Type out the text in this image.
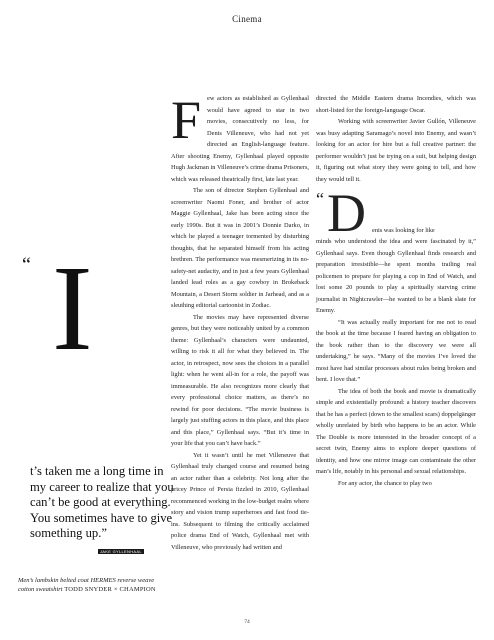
Cinema
“ I
t’s taken me a long time in my career to realize that you can’t be good at everything. You sometimes have to give something up.”
JAKE GYLLENHAAL
Men’s lambskin belted coat HERMES reverse weave cotton sweatshirt TODD SNYDER × CHAMPION

F ew actors as established as Gyllenhaal would have agreed to star in two movies, consecutively no less, for Denis Villeneuve, who had not yet directed an English-language feature. After shooting Enemy, Gyllenhaal played opposite Hugh Jackman in Villeneuve’s crime drama Prisoners, which was released theatrically first, late last year.

The son of director Stephen Gyllenhaal and screenwriter Naomi Foner, and brother of actor Maggie Gyllenhaal, Jake has been acting since the early 1990s. But it was in 2001’s Donnie Darko, in which he played a teenager tormented by disturbing thoughts, that he separated himself from his acting brethren. The performance was mesmerizing in its no-safety-net audacity, and in just a few years Gyllenhaal landed lead roles as a gay cowboy in Brokeback Mountain, a Desert Storm soldier in Jarhead, and as a sleuthing editorial cartoonist in Zodiac.

The movies may have represented diverse genres, but they were noticeably united by a common theme: Gyllenhaal’s characters were undaunted, willing to risk it all for what they believed in. The actor, in retrospect, now sees the choices in a parallel light: when he went all-in for a role, the payoff was immeasurable. He also recognizes more clearly that every professional choice matters, as there’s no rewind for poor decisions. “The movie business is largely just stuffing actors in this place, and this place and this place,” Gyllenhaal says. “But it’s time in your life that you can’t have back.”

Yet it wasn’t until he met Villeneuve that Gyllenhaal truly changed course and resumed being an actor rather than a celebrity. Not long after the pricey Prince of Persia fizzled in 2010, Gyllenhaal recommenced working in the low-budget realm where story and vision trump superheroes and fast food tie-ins. Subsequent to filming the critically acclaimed police drama End of Watch, Gyllenhaal met with Villeneuve, who previously had written and

directed the Middle Eastern drama Incendies, which was short-listed for the foreign-language Oscar.

Working with screenwriter Javier Gullón, Villeneuve was busy adapting Saramago’s novel into Enemy, and wasn’t looking for an actor for hire but a full creative partner: the performer wouldn’t just be trying on a suit, but helping design it, figuring out what story they were going to tell, and how they would tell it.

“ D enis was looking for like

minds who understood the idea and were fascinated by it,” Gyllenhaal says. Even though Gyllenhaal finds research and preparation irresistible—he spent months trailing real policemen to prepare for playing a cop in End of Watch, and lost some 20 pounds to play a spiritually starving crime journalist in Nightcrawler—he wanted to be a blank slate for Enemy.

“It was actually really important for me not to read the book at the time because I feared having an obligation to the book rather than to the discovery we were all undertaking,” he says. “Many of the movies I’ve loved the most have had similar processes about rules being broken and bent. I love that.”

The idea of both the book and movie is dramatically simple and existentially profound: a history teacher discovers that he has a perfect (down to the smallest scars) doppelgänger wholly unrelated by birth who happens to be an actor. While The Double is more interested in the broader concept of a secret twin, Enemy aims to explore deeper questions of identity, and how one mirror image can contaminate the other man’s life, notably in his personal and sexual relationships.

For any actor, the chance to play two

74
